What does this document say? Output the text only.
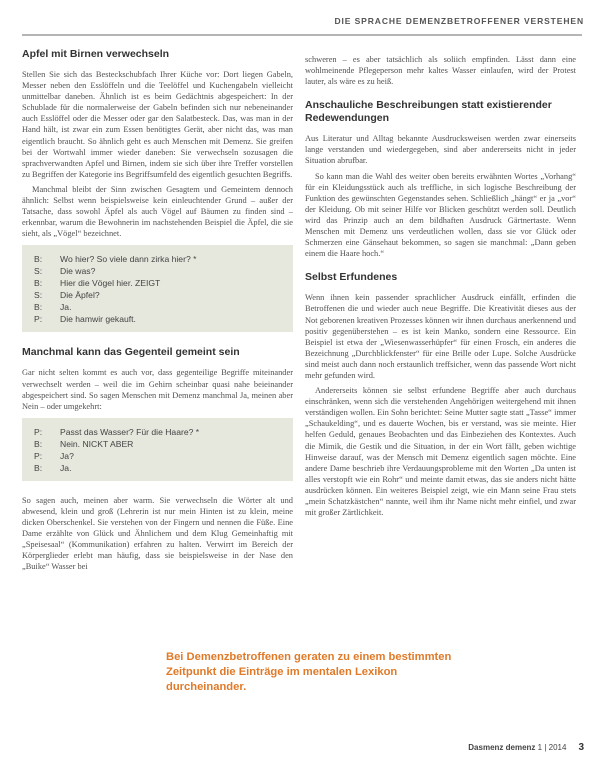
DIE SPRACHE DEMENZBETROFFENER VERSTEHEN
Apfel mit Birnen verwechseln

Stellen Sie sich das Besteckschubfach Ihrer Küche vor: Dort liegen Gabeln, Messer neben den Esslöffeln und die Teelöffel und Kuchengabeln vielleicht unmittelbar daneben. Ähnlich ist es beim Gedächtnis abgespeichert: In der Schublade für die normalerweise der Gabeln befinden sich nur nebeneinander auch Esslöffel oder die Messer oder gar den Salatbesteck. Das, was man in der Hand hält, ist zwar ein zum Essen benötigtes Gerät, aber nicht das, was man eigentlich braucht. So ähnlich geht es auch Menschen mit Demenz. Sie greifen bei der Wortwahl immer wieder daneben: Sie verwechseln sozusagen die sprachverwandten Apfel und Birnen, indem sie sich über ihre Treffer vorstellen zu Begriffen der Kategorie ins Begriffsumfeld des eigentlich gesuchten Begriffs.

Manchmal bleibt der Sinn zwischen Gesagtem und Gemeintem dennoch ähnlich: Selbst wenn beispielsweise kein einleuchtender Grund – außer der Tatsache, dass sowohl Äpfel als auch Vögel auf Bäumen zu finden sind – erkennbar, warum die Bewohnerin im nachstehenden Beispiel die Äpfel, die sie sieht, als „Vögel“ bezeichnet.

B:	Wo hier? So viele dann zirka hier? *
S:	Die was?
B:	Hier die Vögel hier. ZEIGT
S:	Die Äpfel?
B:	Ja.
P:	Die hamwir gekauft.
Manchmal kann das Gegenteil gemeint sein

Gar nicht selten kommt es auch vor, dass gegenteilige Begriffe miteinander verwechselt werden – weil die im Gehirn scheinbar quasi nahe beieinander abgespeichert sind. So sagen Menschen mit Demenz manchmal Ja, meinen aber Nein – oder umgekehrt:

P:	Passt das Wasser? Für die Haare? *
B:	Nein. NICKT ABER
P:	Ja?
B:	Ja.

So sagen auch, meinen aber warm. Sie verwechseln die Wörter alt und abwesend, klein und groß (Lehrerin ist nur mein Hinten ist zu klein, meine dicken Oberschenkel. Sie verstehen von der Fingern und nennen die Füße. Eine Dame erzählte von Glück und Ähnlichem und dem Klug Gemeinhaftig mit „Speisesaal“ (Kommunikation) erfahren zu halten. Verwirrt im Bereich der Körperglieder erlebt man häufig, dass sie beispielsweise in der Nase den „Buike“ Wasser bei

schweren – es aber tatsächlich als soliich empfinden. Lässt dann eine wohlmeinende Pflegeperson mehr kaltes Wasser einlaufen, wird der Protest lauter, als wäre es zu heiß.

Anschauliche Beschreibungen statt existierender Redewendungen

Aus Literatur und Alltag bekannte Ausdrucksweisen werden zwar einerseits lange verstanden und wiedergegeben, sind aber andererseits nicht in jeder Situation abrufbar.

So kann man die Wahl des weiter oben bereits erwähnten Wortes „Vorhang“ für ein Kleidungsstück auch als treffliche, in sich logische Beschreibung der Funktion des gewünschten Gegenstandes sehen. Schließlich „hängt“ er ja „vor“ der Kleidung. Ob mit seiner Hilfe vor Blicken geschützt werden soll. Deutlich wird das Prinzip auch an dem bildhaften Ausdruck Gärtnertaste. Wenn Menschen mit Demenz uns verdeutlichen wollen, dass sie vor Glück oder Schmerzen eine Gänsehaut bekommen, so sagen sie manchmal: „Dann geben einem die Haare hoch.“

Selbst Erfundenes

Wenn ihnen kein passender sprachlicher Ausdruck einfällt, erfinden die Betroffenen die und wieder auch neue Begriffe. Die Kreativität dieses aus der Not geborenen kreativen Prozesses können wir ihnen durchaus anerkennend und positiv gegenüberstehen – es ist kein Manko, sondern eine Ressource. Ein Beispiel ist etwa der „Wiesenwasserhüpfer“ für einen Frosch, ein anderes die Bezeichnung „Durchblickfenster“ für eine Brille oder Lupe. Solche Ausdrücke sind meist auch dann noch erstaunlich treffsicher, wenn das passende Wort nicht mehr gefunden wird.

Andererseits können sie selbst erfundene Begriffe aber auch durchaus einschränken, wenn sich die verstehenden Angehörigen weitergehend mit ihnen verständigen wollen. Ein Sohn berichtet: Seine Mutter sagte statt „Tasse“ immer „Schaukelding“, und es dauerte Wochen, bis er verstand, was sie meinte. Hier helfen Geduld, genaues Beobachten und das Einbeziehen des Kontextes. Auch die Mimik, die Gestik und die Situation, in der ein Wort fällt, geben wichtige Hinweise darauf, was der Mensch mit Demenz eigentlich sagen möchte. Eine andere Dame beschrieb ihre Verdauungsprobleme mit den Worten „Da unten ist alles verstopft wie ein Rohr“ und meinte damit etwas, das sie anders nicht hätte ausdrücken können. Ein weiteres Beispiel zeigt, wie ein Mann seine Frau stets „mein Schatzkästchen“ nannte, weil ihm ihr Name nicht mehr einfiel, und zwar mit großer Zärtlichkeit.

Bei Demenzbetroffenen geraten zu einem bestimmten Zeitpunkt die Einträge im mentalen Lexikon durcheinander.
Dasmenz demenz 1 | 2014 3
